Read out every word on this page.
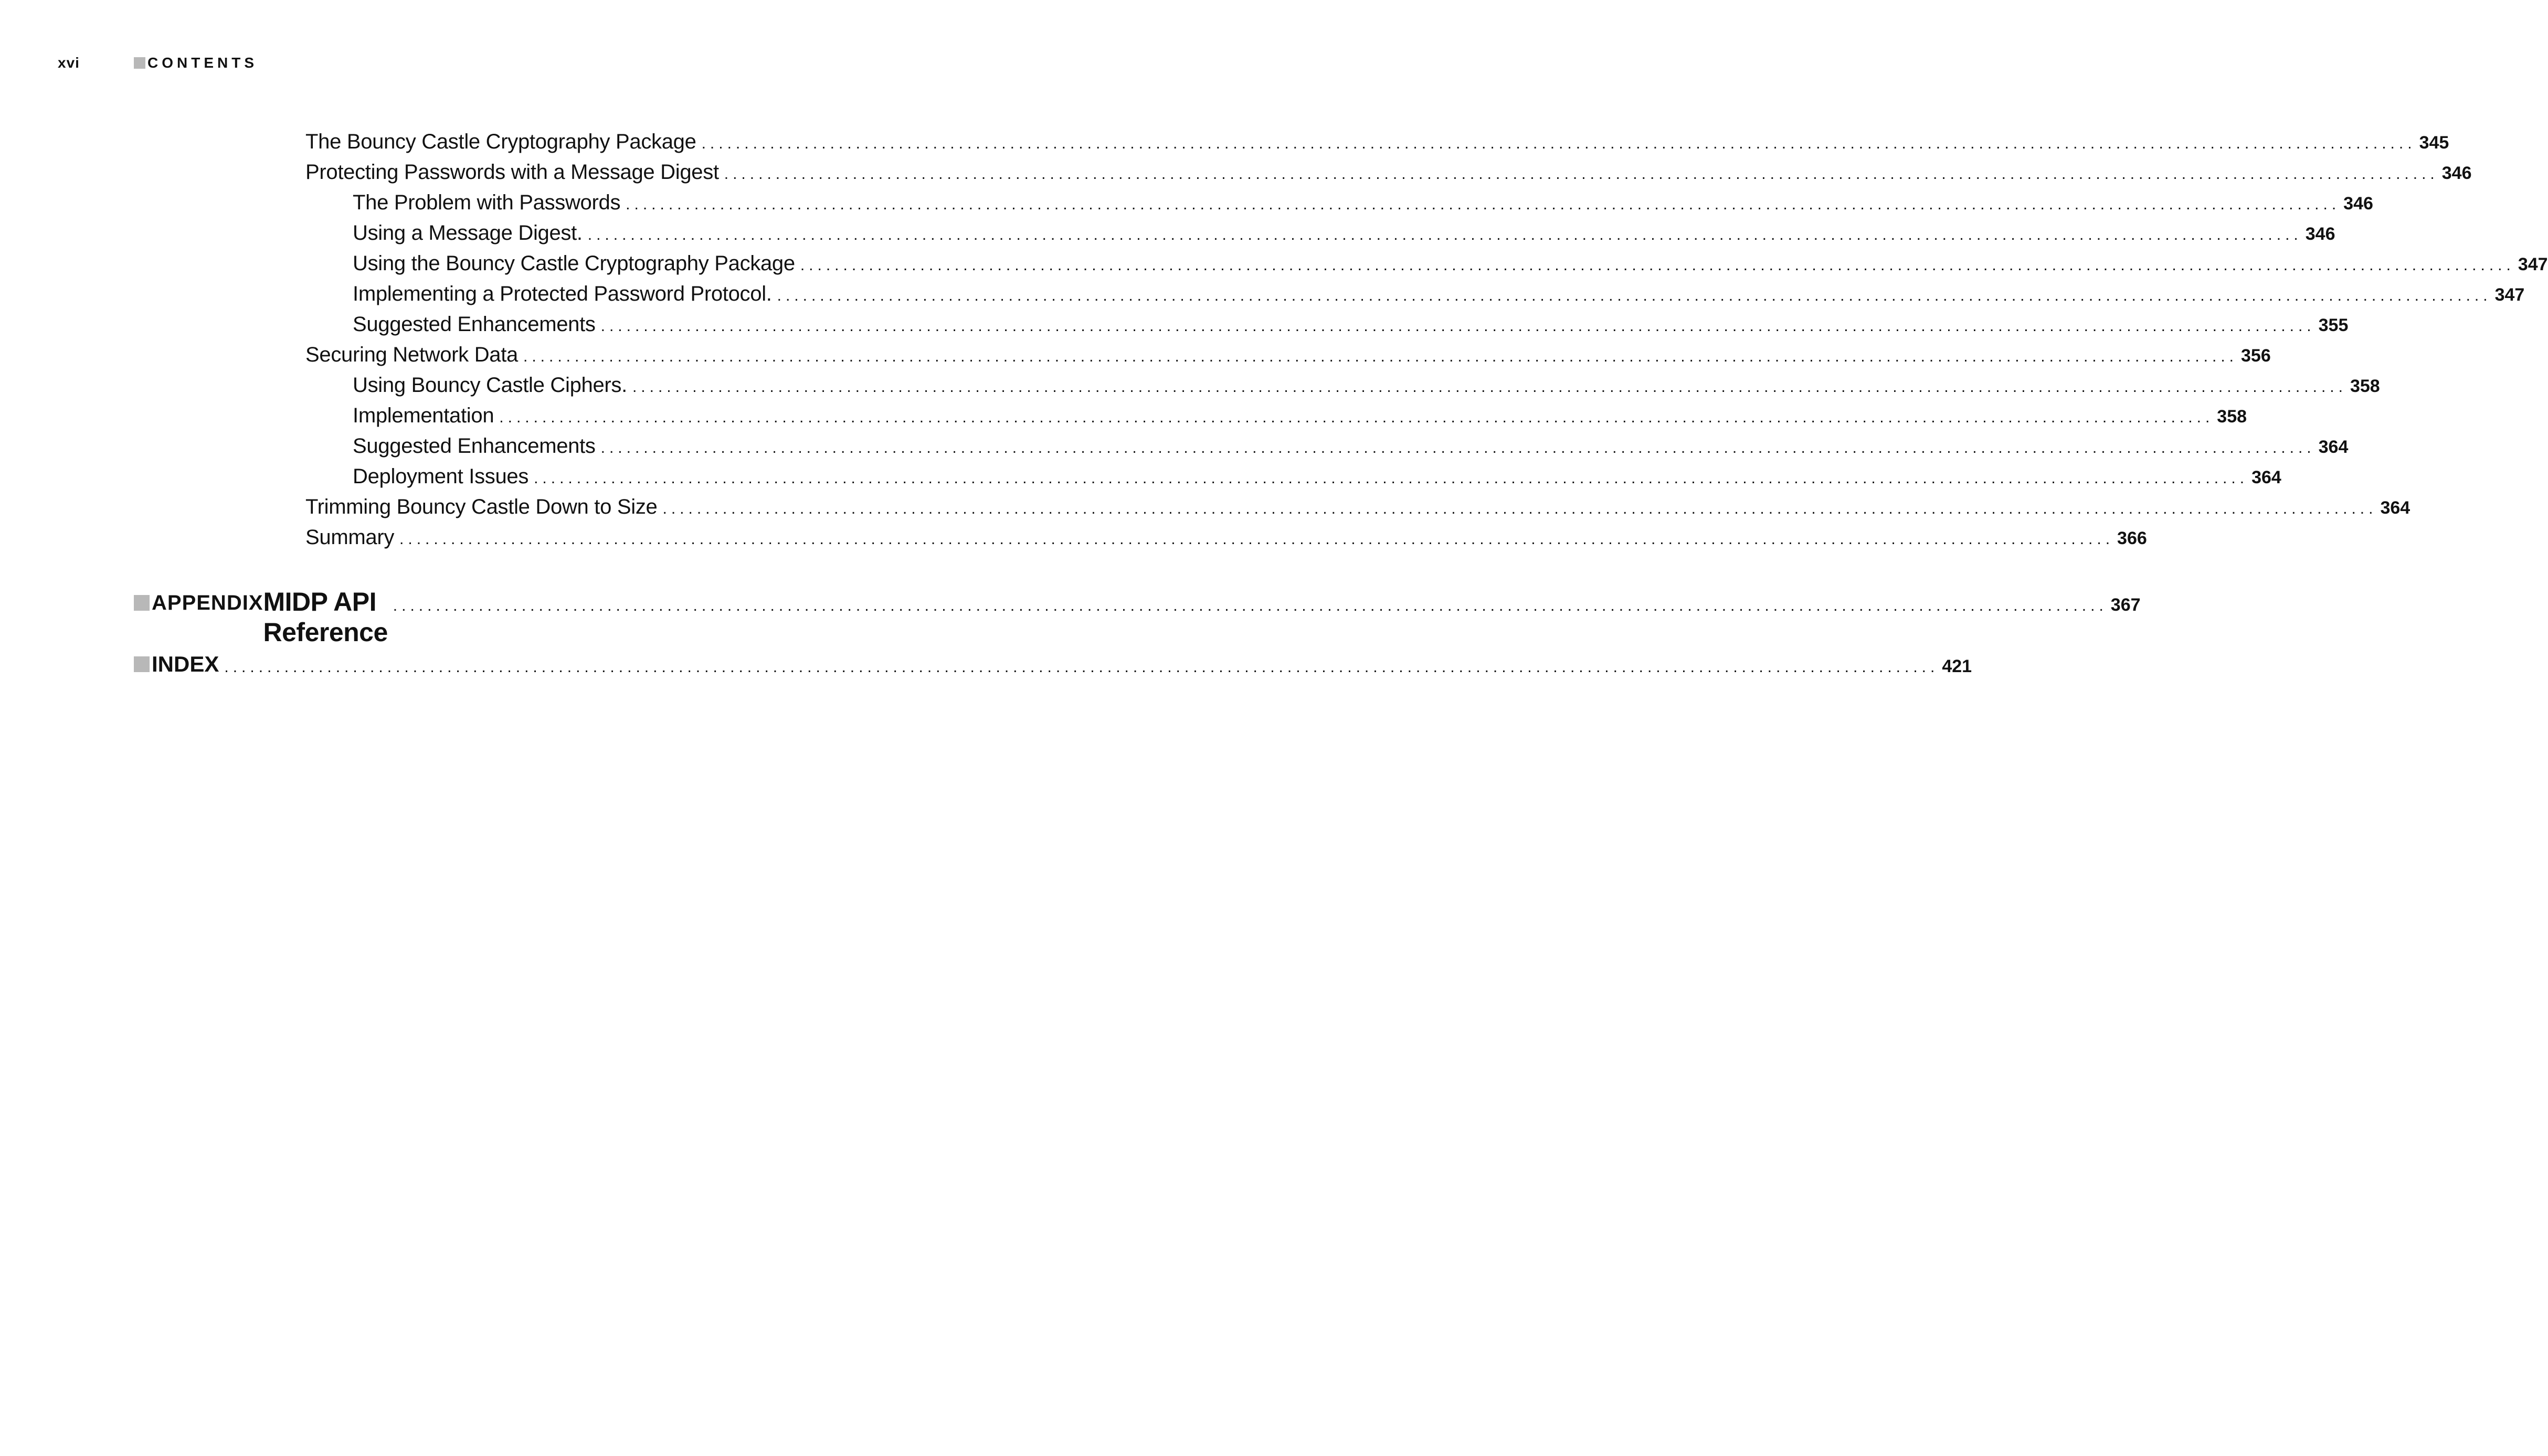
xvi	CONTENTS
The Bouncy Castle Cryptography Package ........................................................................................................................................................................................................ 345
Protecting Passwords with a Message Digest ........................................................................................................................................................................................................ 346
The Problem with Passwords ........................................................................................................................................................................................................ 346
Using a Message Digest. ........................................................................................................................................................................................................ 346
Using the Bouncy Castle Cryptography Package ........................................................................................................................................................................................................ 347
Implementing a Protected Password Protocol. ........................................................................................................................................................................................................ 347
Suggested Enhancements ........................................................................................................................................................................................................ 355
Securing Network Data ........................................................................................................................................................................................................ 356
Using Bouncy Castle Ciphers. ........................................................................................................................................................................................................ 358
Implementation ........................................................................................................................................................................................................ 358
Suggested Enhancements ........................................................................................................................................................................................................ 364
Deployment Issues ........................................................................................................................................................................................................ 364
Trimming Bouncy Castle Down to Size ........................................................................................................................................................................................................ 364
Summary ........................................................................................................................................................................................................ 366
APPENDIX MIDP API Reference
........................................................................................................................................................................................................ 367
INDEX ........................................................................................................................................................................................................ 421
